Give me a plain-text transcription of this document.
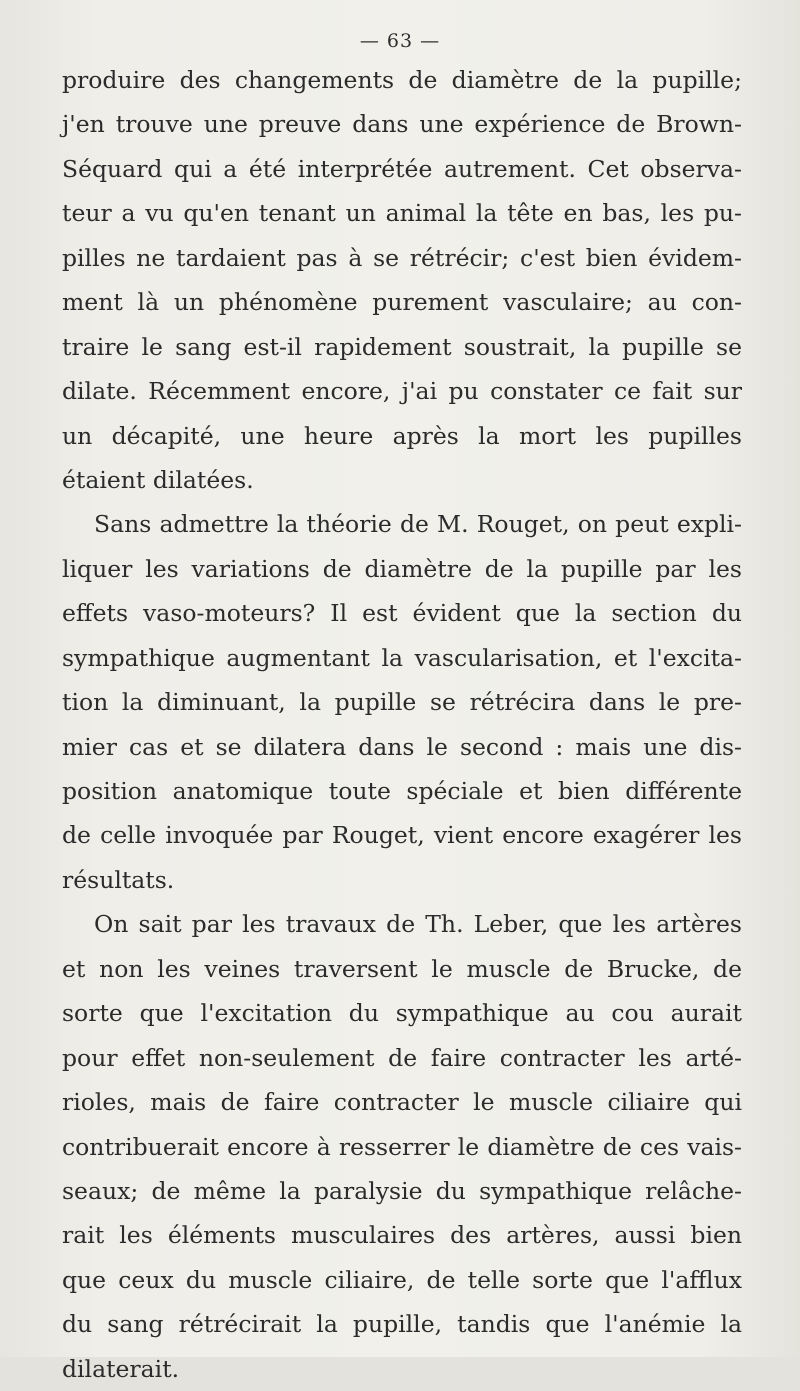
— 63 —
produire des changements de diamètre de la pupille;
j'en trouve une preuve dans une expérience de Brown-
Séquard qui a été interprétée autrement. Cet observa-
teur a vu qu'en tenant un animal la tête en bas, les pu-
pilles ne tardaient pas à se rétrécir; c'est bien évidem-
ment là un phénomène purement vasculaire; au con-
traire le sang est-il rapidement soustrait, la pupille se
dilate. Récemment encore, j'ai pu constater ce fait sur
un décapité, une heure après la mort les pupilles
étaient dilatées.
Sans admettre la théorie de M. Rouget, on peut expli-
liquer les variations de diamètre de la pupille par les
effets vaso-moteurs? Il est évident que la section du
sympathique augmentant la vascularisation, et l'excita-
tion la diminuant, la pupille se rétrécira dans le pre-
mier cas et se dilatera dans le second : mais une dis-
position anatomique toute spéciale et bien différente
de celle invoquée par Rouget, vient encore exagérer les
résultats.
On sait par les travaux de Th. Leber, que les artères
et non les veines traversent le muscle de Brucke, de
sorte que l'excitation du sympathique au cou aurait
pour effet non-seulement de faire contracter les arté-
rioles, mais de faire contracter le muscle ciliaire qui
contribuerait encore à resserrer le diamètre de ces vais-
seaux; de même la paralysie du sympathique relâche-
rait les éléments musculaires des artères, aussi bien
que ceux du muscle ciliaire, de telle sorte que l'afflux
du sang rétrécirait la pupille, tandis que l'anémie la
dilaterait.
